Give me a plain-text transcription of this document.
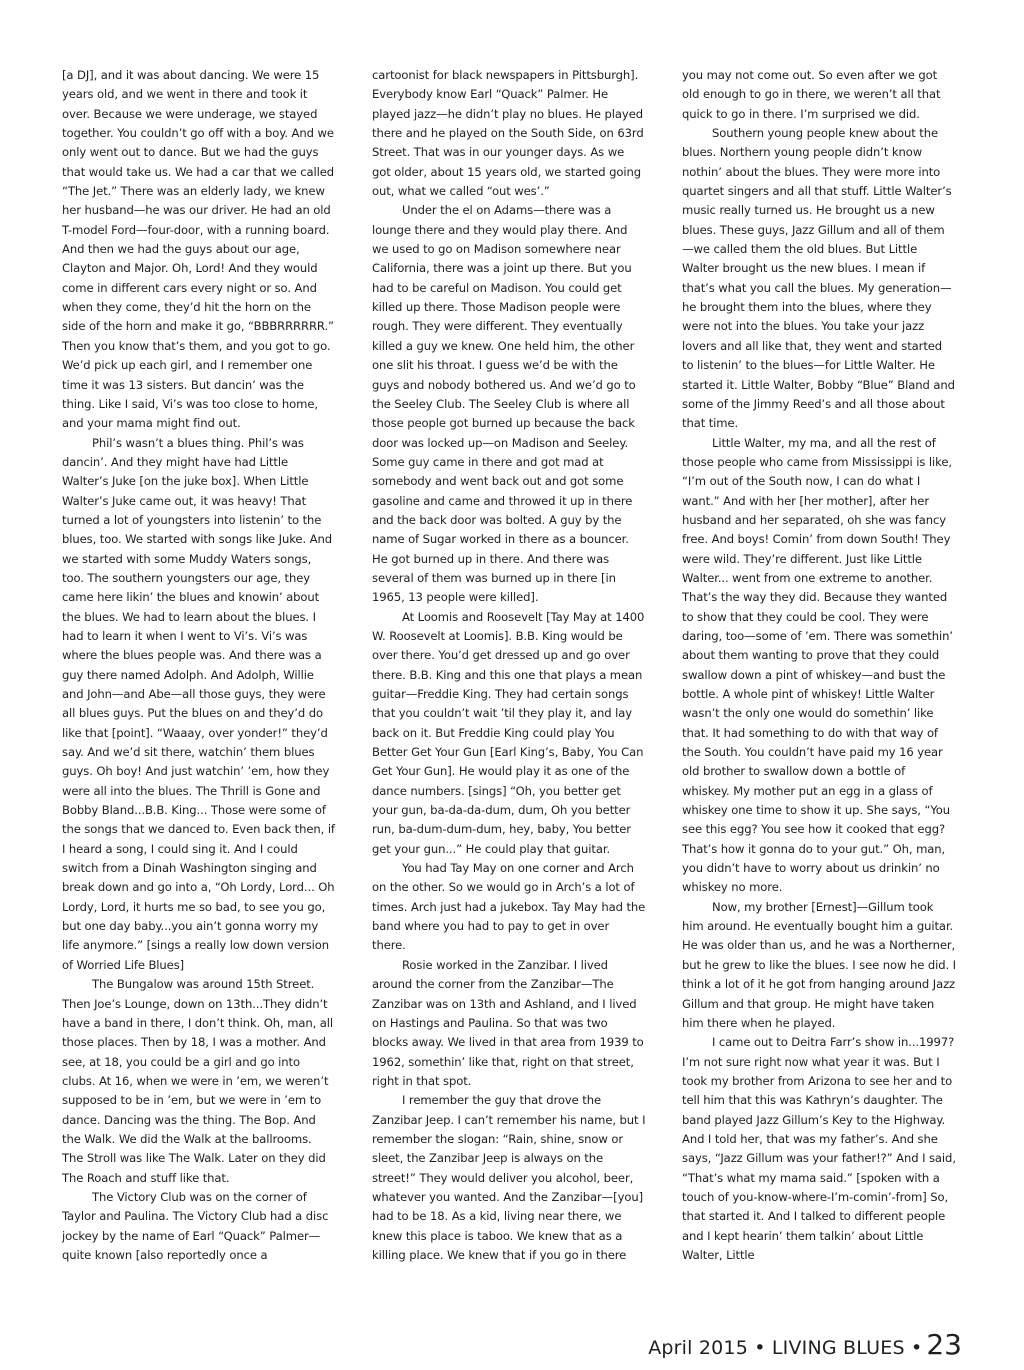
[a DJ], and it was about dancing. We were 15 years old, and we went in there and took it over. Because we were underage, we stayed together. You couldn’t go off with a boy. And we only went out to dance. But we had the guys that would take us. We had a car that we called “The Jet.” There was an elderly lady, we knew her husband—he was our driver. He had an old T-model Ford—four-door, with a running board. And then we had the guys about our age, Clayton and Major. Oh, Lord! And they would come in different cars every night or so. And when they come, they’d hit the horn on the side of the horn and make it go, “BBBRRRRRR.” Then you know that’s them, and you got to go. We’d pick up each girl, and I remember one time it was 13 sisters. But dancin’ was the thing. Like I said, Vi’s was too close to home, and your mama might find out.

Phil’s wasn’t a blues thing. Phil’s was dancin’. And they might have had Little Walter’s Juke [on the juke box]. When Little Walter’s Juke came out, it was heavy! That turned a lot of youngsters into listenin’ to the blues, too. We started with songs like Juke. And we started with some Muddy Waters songs, too. The southern youngsters our age, they came here likin’ the blues and knowin’ about the blues. We had to learn about the blues. I had to learn it when I went to Vi’s. Vi’s was where the blues people was. And there was a guy there named Adolph. And Adolph, Willie and John—and Abe—all those guys, they were all blues guys. Put the blues on and they’d do like that [point]. “Waaay, over yonder!” they’d say. And we’d sit there, watchin’ them blues guys. Oh boy! And just watchin’ ’em, how they were all into the blues. The Thrill is Gone and Bobby Bland...B.B. King... Those were some of the songs that we danced to. Even back then, if I heard a song, I could sing it. And I could switch from a Dinah Washington singing and break down and go into a, “Oh Lordy, Lord... Oh Lordy, Lord, it hurts me so bad, to see you go, but one day baby...you ain’t gonna worry my life anymore.” [sings a really low down version of Worried Life Blues]

The Bungalow was around 15th Street. Then Joe’s Lounge, down on 13th...They didn’t have a band in there, I don’t think. Oh, man, all those places. Then by 18, I was a mother. And see, at 18, you could be a girl and go into clubs. At 16, when we were in ’em, we weren’t supposed to be in ’em, but we were in ’em to dance. Dancing was the thing. The Bop. And the Walk. We did the Walk at the ballrooms. The Stroll was like The Walk. Later on they did The Roach and stuff like that.

The Victory Club was on the corner of Taylor and Paulina. The Victory Club had a disc jockey by the name of Earl “Quack” Palmer—quite known [also reportedly once a

cartoonist for black newspapers in Pittsburgh]. Everybody know Earl “Quack” Palmer. He played jazz—he didn’t play no blues. He played there and he played on the South Side, on 63rd Street. That was in our younger days. As we got older, about 15 years old, we started going out, what we called “out wes’.”

Under the el on Adams—there was a lounge there and they would play there. And we used to go on Madison somewhere near California, there was a joint up there. But you had to be careful on Madison. You could get killed up there. Those Madison people were rough. They were different. They eventually killed a guy we knew. One held him, the other one slit his throat. I guess we’d be with the guys and nobody bothered us. And we’d go to the Seeley Club. The Seeley Club is where all those people got burned up because the back door was locked up—on Madison and Seeley. Some guy came in there and got mad at somebody and went back out and got some gasoline and came and throwed it up in there and the back door was bolted. A guy by the name of Sugar worked in there as a bouncer. He got burned up in there. And there was several of them was burned up in there [in 1965, 13 people were killed].

At Loomis and Roosevelt [Tay May at 1400 W. Roosevelt at Loomis]. B.B. King would be over there. You’d get dressed up and go over there. B.B. King and this one that plays a mean guitar—Freddie King. They had certain songs that you couldn’t wait ’til they play it, and lay back on it. But Freddie King could play You Better Get Your Gun [Earl King’s, Baby, You Can Get Your Gun]. He would play it as one of the dance numbers. [sings] “Oh, you better get your gun, ba-da-da-dum, dum, Oh you better run, ba-dum-dum-dum, hey, baby, You better get your gun...” He could play that guitar.

You had Tay May on one corner and Arch on the other. So we would go in Arch’s a lot of times. Arch just had a jukebox. Tay May had the band where you had to pay to get in over there.

Rosie worked in the Zanzibar. I lived around the corner from the Zanzibar—The Zanzibar was on 13th and Ashland, and I lived on Hastings and Paulina. So that was two blocks away. We lived in that area from 1939 to 1962, somethin’ like that, right on that street, right in that spot.

I remember the guy that drove the Zanzibar Jeep. I can’t remember his name, but I remember the slogan: “Rain, shine, snow or sleet, the Zanzibar Jeep is always on the street!” They would deliver you alcohol, beer, whatever you wanted. And the Zanzibar—[you] had to be 18. As a kid, living near there, we knew this place is taboo. We knew that as a killing place. We knew that if you go in there

you may not come out. So even after we got old enough to go in there, we weren’t all that quick to go in there. I’m surprised we did.

Southern young people knew about the blues. Northern young people didn’t know nothin’ about the blues. They were more into quartet singers and all that stuff. Little Walter’s music really turned us. He brought us a new blues. These guys, Jazz Gillum and all of them—we called them the old blues. But Little Walter brought us the new blues. I mean if that’s what you call the blues. My generation—he brought them into the blues, where they were not into the blues. You take your jazz lovers and all like that, they went and started to listenin’ to the blues—for Little Walter. He started it. Little Walter, Bobby “Blue” Bland and some of the Jimmy Reed’s and all those about that time.

Little Walter, my ma, and all the rest of those people who came from Mississippi is like, “I’m out of the South now, I can do what I want.” And with her [her mother], after her husband and her separated, oh she was fancy free. And boys! Comin’ from down South! They were wild. They’re different. Just like Little Walter... went from one extreme to another. That’s the way they did. Because they wanted to show that they could be cool. They were daring, too—some of ’em. There was somethin’ about them wanting to prove that they could swallow down a pint of whiskey—and bust the bottle. A whole pint of whiskey! Little Walter wasn’t the only one would do somethin’ like that. It had something to do with that way of the South. You couldn’t have paid my 16 year old brother to swallow down a bottle of whiskey. My mother put an egg in a glass of whiskey one time to show it up. She says, “You see this egg? You see how it cooked that egg? That’s how it gonna do to your gut.” Oh, man, you didn’t have to worry about us drinkin’ no whiskey no more.

Now, my brother [Ernest]—Gillum took him around. He eventually bought him a guitar. He was older than us, and he was a Northerner, but he grew to like the blues. I see now he did. I think a lot of it he got from hanging around Jazz Gillum and that group. He might have taken him there when he played.

I came out to Deitra Farr’s show in...1997? I’m not sure right now what year it was. But I took my brother from Arizona to see her and to tell him that this was Kathryn’s daughter. The band played Jazz Gillum’s Key to the Highway. And I told her, that was my father’s. And she says, “Jazz Gillum was your father!?” And I said, “That’s what my mama said.” [spoken with a touch of you-know-where-I’m-comin’-from] So, that started it. And I talked to different people and I kept hearin’ them talkin’ about Little Walter, Little

April 2015 • LIVING BLUES • 23
